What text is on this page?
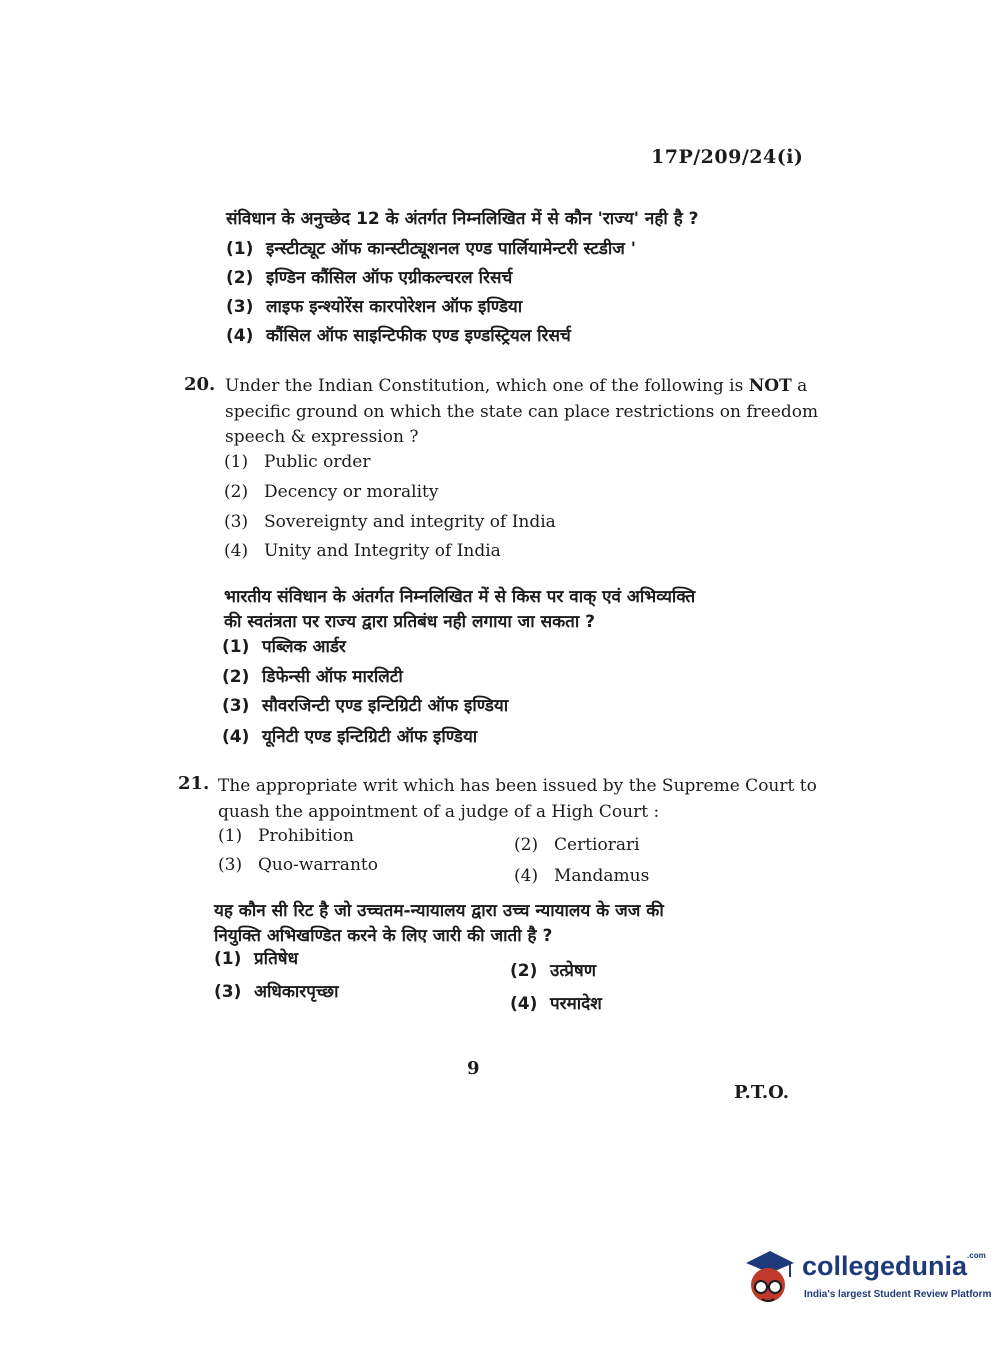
17P/209/24(i)
संविधान के अनुच्छेद 12 के अंतर्गत निम्नलिखित में से कौन 'राज्य' नही है ?
(1) इन्स्टीट्यूट ऑफ कान्स्टीट्यूशनल एण्ड पार्लियामेन्टरी स्टडीज '
(2) इण्डिन कौंसिल ऑफ एग्रीकल्चरल रिसर्च
(3) लाइफ इन्श्योरेंस कारपोरेशन ऑफ इण्डिया
(4) कौंसिल ऑफ साइन्टिफीक एण्ड इण्डस्ट्रियल रिसर्च
20. Under the Indian Constitution, which one of the following is NOT a
specific ground on which the state can place restrictions on freedom
speech & expression ?
(1) Public order
(2) Decency or morality
(3) Sovereignty and integrity of India
(4) Unity and Integrity of India
भारतीय संविधान के अंतर्गत निम्नलिखित में से किस पर वाक् एवं अभिव्यक्ति
की स्वतंत्रता पर राज्य द्वारा प्रतिबंध नही लगाया जा सकता ?
(1) पब्लिक आर्डर
(2) डिफेन्सी ऑफ मारलिटी
(3) सौवरजिन्टी एण्ड इन्टिग्रिटी ऑफ इण्डिया
(4) यूनिटी एण्ड इन्टिग्रिटी ऑफ इण्डिया
21. The appropriate writ which has been issued by the Supreme Court to
quash the appointment of a judge of a High Court :
(1) Prohibition	(2) Certiorari
(3) Quo-warranto
(4) Mandamus
यह कौन सी रिट है जो उच्चतम-न्यायालय द्वारा उच्च न्यायालय के जज की
नियुक्ति अभिखण्डित करने के लिए जारी की जाती है ?
(1) प्रतिषेध
(2) उत्प्रेषण
(3) अधिकारपृच्छा
(4) परमादेश
9
P.T.O.
collegedunia$^{.com}$
India's largest Student Review Platform
